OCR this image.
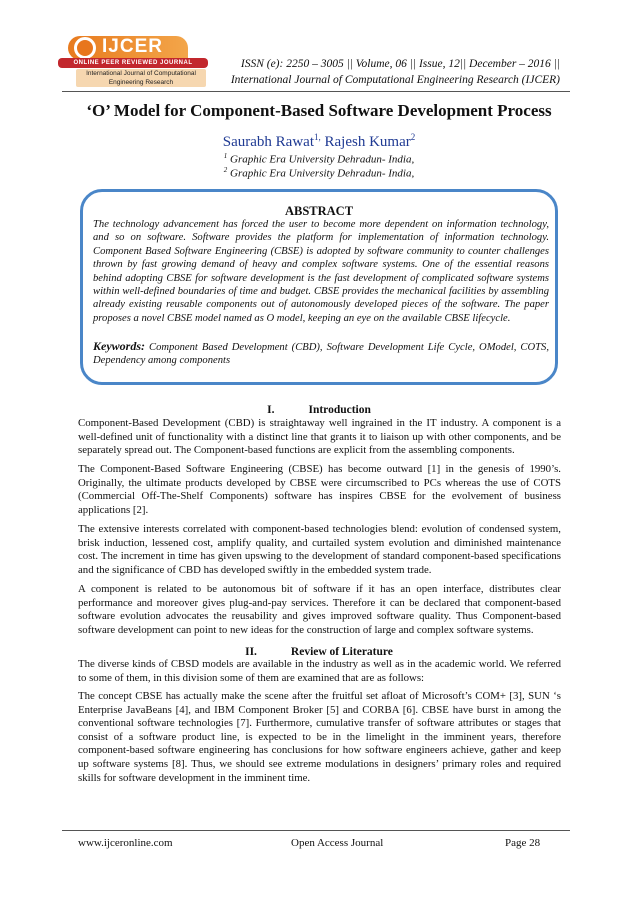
IJCER
ONLINE PEER REVIEWED JOURNAL
International Journal of Computational
Engineering Research
ISSN (e): 2250 – 3005 || Volume, 06 || Issue, 12|| December – 2016 ||
International Journal of Computational Engineering Research (IJCER)
‘O’ Model for Component-Based Software Development Process
Saurabh Rawat$^{1,}$ Rajesh Kumar$^2$
$^1$ Graphic Era University Dehradun- India,
$^2$ Graphic Era University Dehradun- India,
ABSTRACT
The technology advancement has forced the user to become more dependent on information technology, and so on software. Software provides the platform for implementation of information technology. Component Based Software Engineering (CBSE) is adopted by software community to counter challenges thrown by fast growing demand of heavy and complex software systems. One of the essential reasons behind adopting CBSE for software development is the fast development of complicated software systems within well-defined boundaries of time and budget. CBSE provides the mechanical facilities by assembling already existing reusable components out of autonomously developed pieces of the software. The paper proposes a novel CBSE model named as O model, keeping an eye on the available CBSE lifecycle.
Keywords: Component Based Development (CBD), Software Development Life Cycle, OModel, COTS, Dependency among components
I.	Introduction
Component-Based Development (CBD) is straightaway well ingrained in the IT industry. A component is a well-defined unit of functionality with a distinct line that grants it to liaison up with other components, and be separately spread out. The Component-based functions are explicit from the assembling components.
The Component-Based Software Engineering (CBSE) has become outward [1] in the genesis of 1990’s. Originally, the ultimate products developed by CBSE were circumscribed to PCs whereas the use of COTS (Commercial Off-The-Shelf Components) software has inspires CBSE for the evolvement of business applications [2].
The extensive interests correlated with component-based technologies blend: evolution of condensed system, brisk induction, lessened cost, amplify quality, and curtailed system evolution and diminished maintenance cost. The increment in time has given upswing to the development of standard component-based specifications and the significance of CBD has developed swiftly in the embedded system trade.
A component is related to be autonomous bit of software if it has an open interface, distributes clear performance and moreover gives plug-and-pay services. Therefore it can be declared that component-based software evolution advocates the reusability and gives improved software quality. Thus Component-based software development can point to new ideas for the construction of large and complex software systems.
II.	Review of Literature
The diverse kinds of CBSD models are available in the industry as well as in the academic world. We referred to some of them, in this division some of them are examined that are as follows:
The concept CBSE has actually make the scene after the fruitful set afloat of Microsoft’s COM+ [3], SUN ‘s Enterprise JavaBeans [4], and IBM Component Broker [5] and CORBA [6]. CBSE have burst in among the conventional software technologies [7]. Furthermore, cumulative transfer of software attributes or stages that consist of a software product line, is expected to be in the limelight in the imminent years, therefore component-based software engineering has conclusions for how software engineers achieve, gather and keep up software systems [8]. Thus, we should see extreme modulations in designers’ primary roles and required skills for software development in the imminent time.
www.ijceronline.com	Open Access Journal	Page 28
